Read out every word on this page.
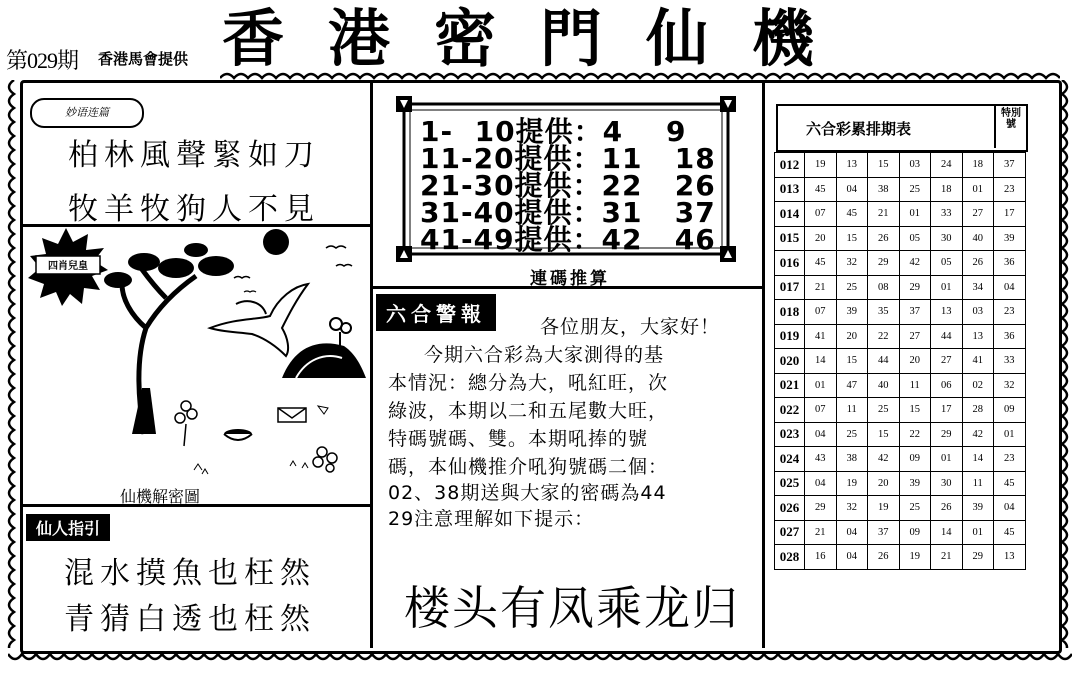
第029期 香港馬會提供 香港密門仙機
妙语连篇
柏林風聲緊如刀
牧羊牧狗人不見
四肖兒皇
仙機解密圖
仙人指引
混水摸魚也枉然
青猜白透也枉然
1-  10提供：4    9
11-20提供：11   18
21-30提供：22   26
31-40提供：31   37
41-49提供：42   46
連碼推算
六合警報
各位朋友，大家好！
今期六合彩為大家測得的基
本情況：總分為大，吼紅旺，次
綠波，本期以二和五尾數大旺，
特碼號碼、雙。本期吼捧的號
碼，本仙機推介吼狗號碼二個：
02、38期送與大家的密碼為44
29注意理解如下提示：
楼头有凤乘龙归
六合彩累排期表
特別號
012	19	13	15	03	24	18	37
013	45	04	38	25	18	01	23
014	07	45	21	01	33	27	17
015	20	15	26	05	30	40	39
016	45	32	29	42	05	26	36
017	21	25	08	29	01	34	04
018	07	39	35	37	13	03	23
019	41	20	22	27	44	13	36
020	14	15	44	20	27	41	33
021	01	47	40	11	06	02	32
022	07	11	25	15	17	28	09
023	04	25	15	22	29	42	01
024	43	38	42	09	01	14	23
025	04	19	20	39	30	11	45
026	29	32	19	25	26	39	04
027	21	04	37	09	14	01	45
028	16	04	26	19	21	29	13
